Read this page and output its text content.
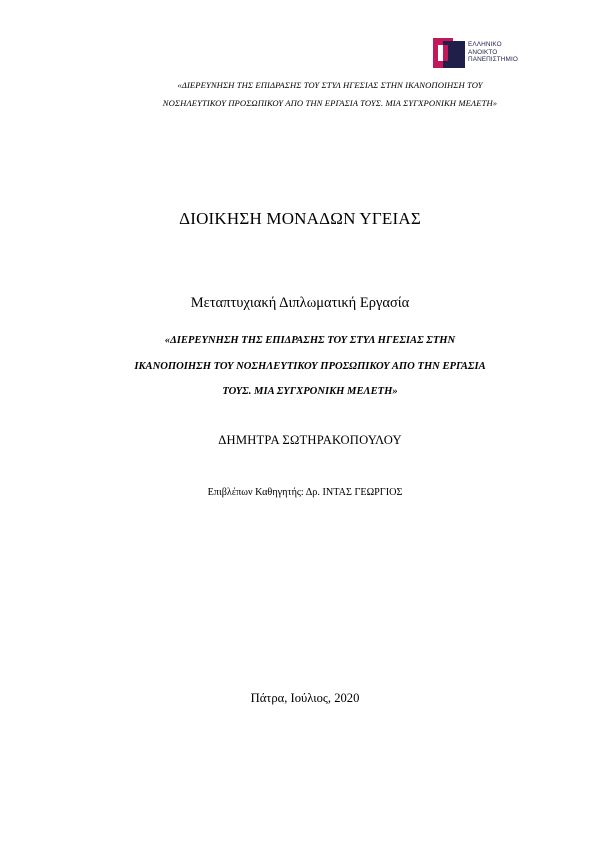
ΕΛΛΗΝΙΚΟ
ΑΝΟΙΚΤΟ
ΠΑΝΕΠΙΣΤΗΜΙΟ
«ΔΙΕΡΕΥΝΗΣΗ ΤΗΣ ΕΠΙΔΡΑΣΗΣ ΤΟΥ ΣΤΥΛ ΗΓΕΣΙΑΣ ΣΤΗΝ ΙΚΑΝΟΠΟΙΗΣΗ ΤΟΥ
ΝΟΣΗΛΕΥΤΙΚΟΥ ΠΡΟΣΩΠΙΚΟΥ ΑΠΟ ΤΗΝ ΕΡΓΑΣΙΑ ΤΟΥΣ. ΜΙΑ ΣΥΓΧΡΟΝΙΚΗ ΜΕΛΕΤΗ»
ΔΙΟΙΚΗΣΗ ΜΟΝΑΔΩΝ ΥΓΕΙΑΣ
Μεταπτυχιακή Διπλωματική Εργασία
«ΔΙΕΡΕΥΝΗΣΗ ΤΗΣ ΕΠΙΔΡΑΣΗΣ ΤΟΥ ΣΤΥΛ ΗΓΕΣΙΑΣ ΣΤΗΝ
ΙΚΑΝΟΠΟΙΗΣΗ ΤΟΥ ΝΟΣΗΛΕΥΤΙΚΟΥ ΠΡΟΣΩΠΙΚΟΥ ΑΠΟ ΤΗΝ ΕΡΓΑΣΙΑ
ΤΟΥΣ. ΜΙΑ ΣΥΓΧΡΟΝΙΚΗ ΜΕΛΕΤΗ»
ΔΗΜΗΤΡΑ ΣΩΤΗΡΑΚΟΠΟΥΛΟΥ
Επιβλέπων Καθηγητής: Δρ. ΙΝΤΑΣ ΓΕΩΡΓΙΟΣ
Πάτρα, Ιούλιος, 2020
